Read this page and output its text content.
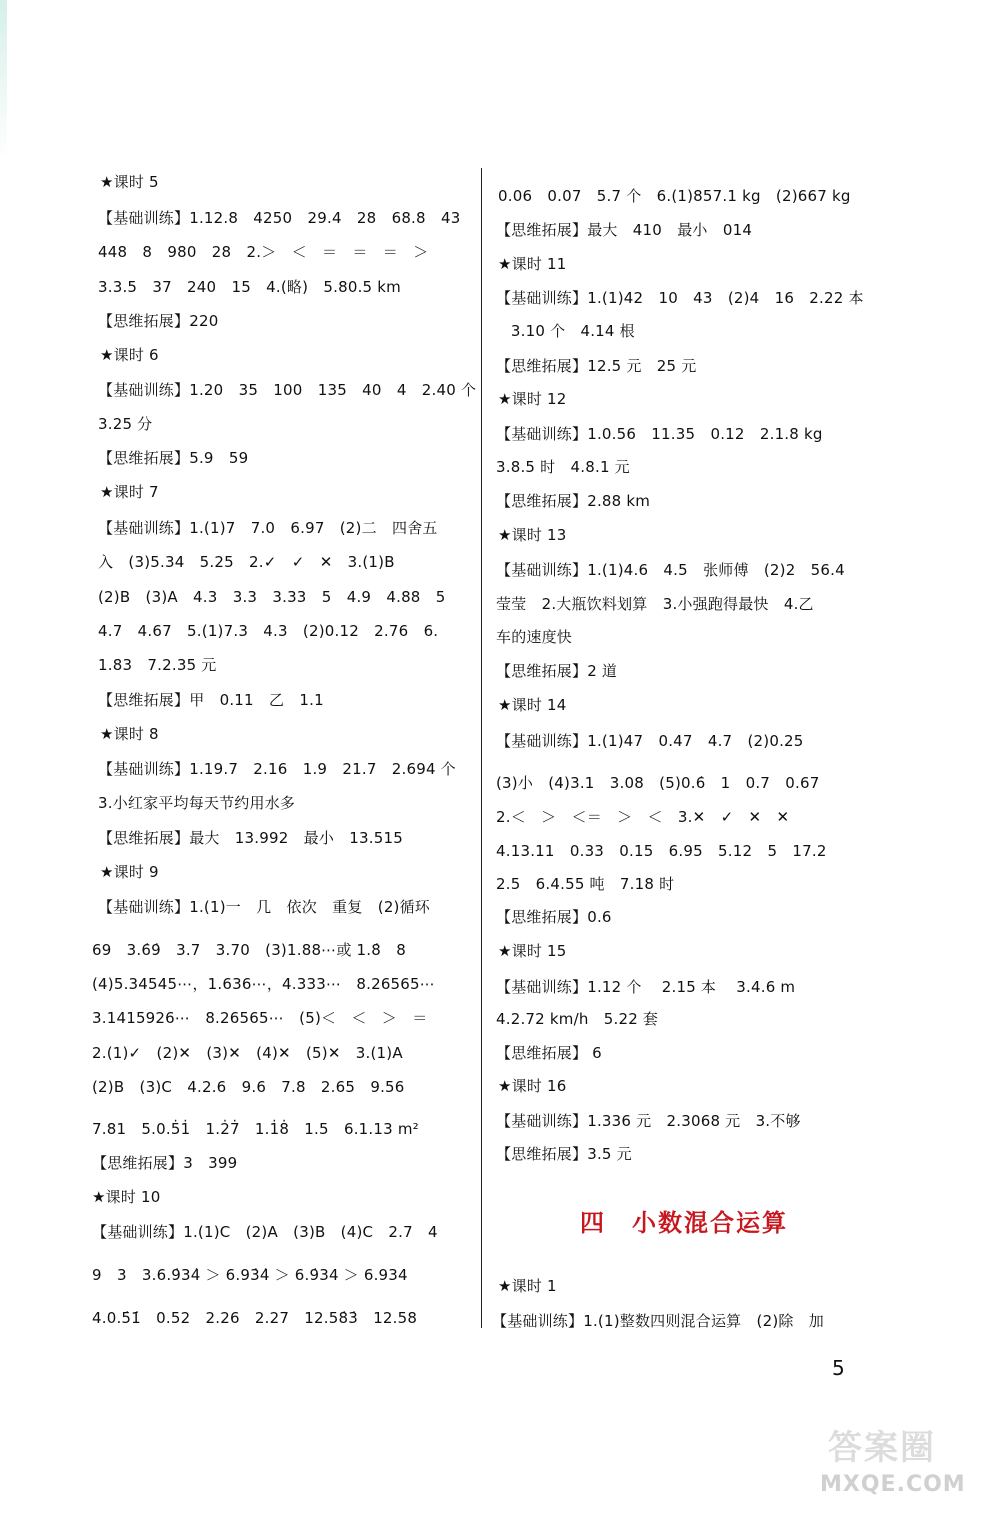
★课时 5
【基础训练】1.12.8　4250　29.4　28　68.8　43
448　8　980　28　2.＞　＜　＝　＝　＝　＞
3.3.5　37　240　15　4.(略)　5.80.5 km
【思维拓展】220
★课时 6
【基础训练】1.20　35　100　135　40　4　2.40 个
3.25 分
【思维拓展】5.9　59
★课时 7
【基础训练】1.(1)7　7.0　6.97　(2)二　四舍五
入　(3)5.34　5.25　2.✓　✓　✕　3.(1)B
(2)B　(3)A　4.3　3.3　3.33　5　4.9　4.88　5
4.7　4.67　5.(1)7.3　4.3　(2)0.12　2.76　6.
1.83　7.2.35 元
【思维拓展】甲　0.11　乙　1.1
★课时 8
【基础训练】1.19.7　2.16　1.9　21.7　2.694 个
3.小红家平均每天节约用水多
【思维拓展】最大　13.992　最小　13.515
★课时 9
【基础训练】1.(1)一　几　依次　重复　(2)循环
69　3.6̇9̇　3.7　3.70　(3)1.88⋯或 1.8̇　8
(4)5.34545⋯，1.636⋯，4.333⋯　8.26565⋯
3.1415926⋯　8.26565⋯　(5)＜　＜　＞　＝
2.(1)✓　(2)✕　(3)✕　(4)✕　(5)✕　3.(1)A
(2)B　(3)C　4.2.6　9.6　7.8　2.65　9.56
7.81　5.0.5̇1̇　1.2̇7̇　1.1̇8̇　1.5　6.1.13 m²
【思维拓展】3　399
★课时 10
【基础训练】1.(1)C　(2)A　(3)B　(4)C　2.7　4
9　3　3.6.9̇34̇ ＞ 6.93̇4̇ ＞ 6.9̇34 ＞ 6.934
4.0.5̇1̇　0.52　2.26　2.27　12.58̇3̇　12.58
0.06　0.07　5.7 个　6.(1)857.1 kg　(2)667 kg
【思维拓展】最大　410　最小　014
★课时 11
【基础训练】1.(1)42　10　43　(2)4　16　2.22 本
3.10 个　4.14 根
【思维拓展】12.5 元　25 元
★课时 12
【基础训练】1.0.56　11.35　0.12　2.1.8 kg
3.8.5 时　4.8.1 元
【思维拓展】2.88 km
★课时 13
【基础训练】1.(1)4.6　4.5　张师傅　(2)2　56.4
莹莹　2.大瓶饮料划算　3.小强跑得最快　4.乙
车的速度快
【思维拓展】2 道
★课时 14
【基础训练】1.(1)47　0.47　4.7　(2)0.25
(3)小　(4)3.1　3.08　(5)0.6̇　1　0.7　0.67
2.＜　＞　＜＝　＞　＜　3.✕　✓　✕　✕
4.13.11　0.33　0.15　6.95　5.12　5　17.2
2.5　6.4.55 吨　7.18 时
【思维拓展】0.6
★课时 15
【基础训练】1.12 个　 2.15 本　 3.4.6 m
4.2.72 km/h　5.22 套
【思维拓展】 6
★课时 16
【基础训练】1.336 元　2.3068 元　3.不够
【思维拓展】3.5 元
★课时 1
【基础训练】1.(1)整数四则混合运算　(2)除　加
四　小数混合运算
5
答案圈
MXQE.COM
